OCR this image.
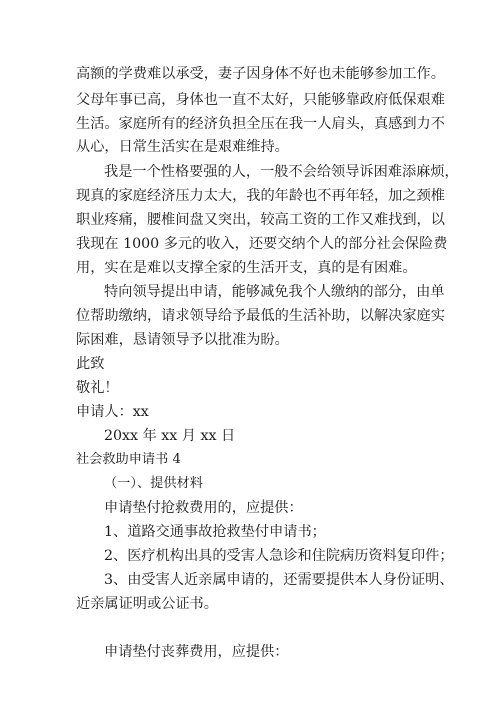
高额的学费难以承受，妻子因身体不好也未能够参加工作。
父母年事已高，身体也一直不太好，只能够靠政府低保艰难
生活。家庭所有的经济负担全压在我一人肩头，真感到力不
从心，日常生活实在是艰难维持。
我是一个性格要强的人，一般不会给领导诉困难添麻烦，
现真的家庭经济压力太大，我的年龄也不再年轻，加之颈椎
职业疼痛，腰椎间盘又突出，较高工资的工作又难找到，以
我现在 1000 多元的收入，还要交纳个人的部分社会保险费
用，实在是难以支撑全家的生活开支，真的是有困难。
特向领导提出申请，能够减免我个人缴纳的部分，由单
位帮助缴纳，请求领导给予最低的生活补助，以解决家庭实
际困难，恳请领导予以批准为盼。
此致
敬礼！
申请人：xx
20xx 年 xx 月 xx 日
社会救助申请书 4
（一）、提供材料
申请垫付抢救费用的，应提供：
1、道路交通事故抢救垫付申请书；
2、医疗机构出具的受害人急诊和住院病历资料复印件；
3、由受害人近亲属申请的，还需要提供本人身份证明、
近亲属证明或公证书。
申请垫付丧葬费用，应提供：
